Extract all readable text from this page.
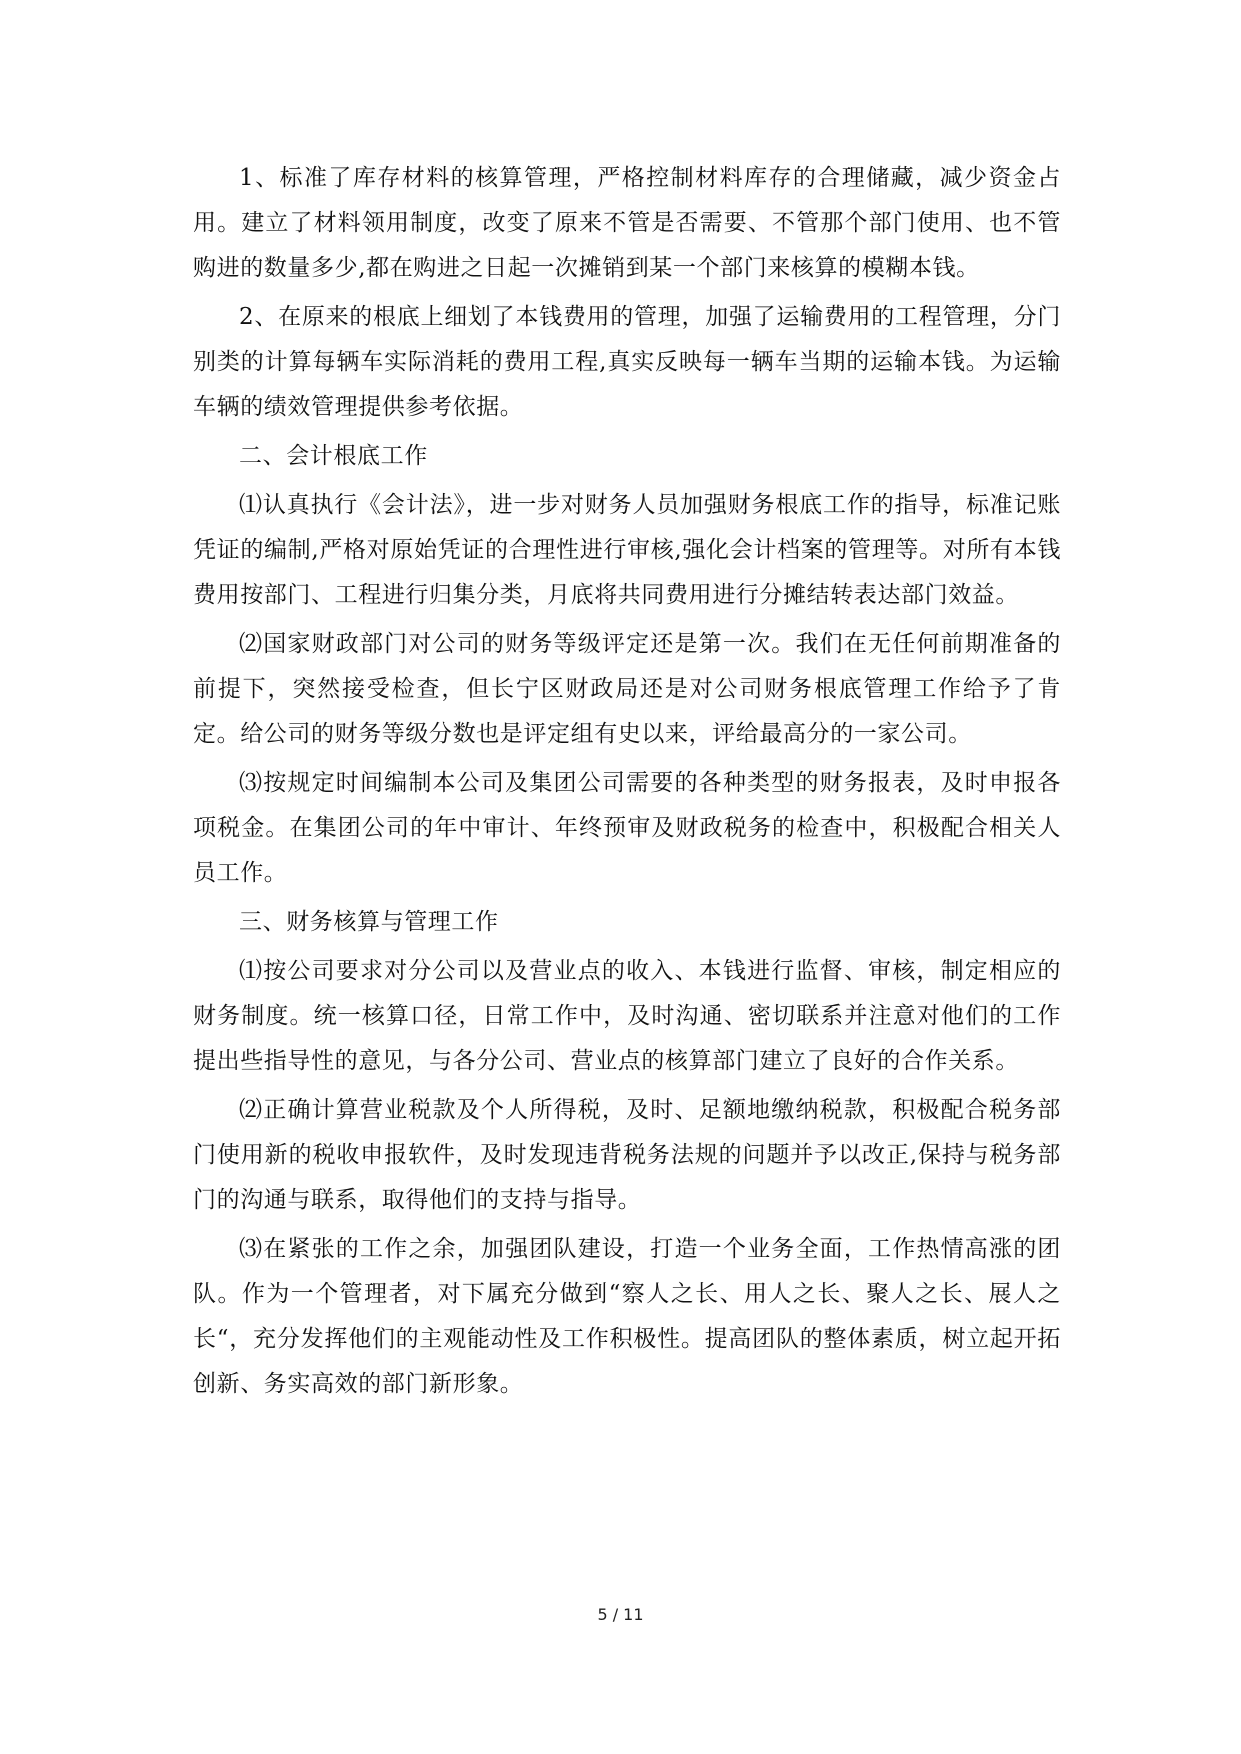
1、标准了库存材料的核算管理，严格控制材料库存的合理储藏，减少资金占用。建立了材料领用制度，改变了原来不管是否需要、不管那个部门使用、也不管购进的数量多少,都在购进之日起一次摊销到某一个部门来核算的模糊本钱。

2、在原来的根底上细划了本钱费用的管理，加强了运输费用的工程管理，分门别类的计算每辆车实际消耗的费用工程,真实反映每一辆车当期的运输本钱。为运输车辆的绩效管理提供参考依据。

二、会计根底工作

⑴认真执行《会计法》，进一步对财务人员加强财务根底工作的指导，标准记账凭证的编制,严格对原始凭证的合理性进行审核,强化会计档案的管理等。对所有本钱费用按部门、工程进行归集分类，月底将共同费用进行分摊结转表达部门效益。

⑵国家财政部门对公司的财务等级评定还是第一次。我们在无任何前期准备的前提下，突然接受检查，但长宁区财政局还是对公司财务根底管理工作给予了肯定。给公司的财务等级分数也是评定组有史以来，评给最高分的一家公司。

⑶按规定时间编制本公司及集团公司需要的各种类型的财务报表，及时申报各项税金。在集团公司的年中审计、年终预审及财政税务的检查中，积极配合相关人员工作。

三、财务核算与管理工作

⑴按公司要求对分公司以及营业点的收入、本钱进行监督、审核，制定相应的财务制度。统一核算口径，日常工作中，及时沟通、密切联系并注意对他们的工作提出些指导性的意见，与各分公司、营业点的核算部门建立了良好的合作关系。

⑵正确计算营业税款及个人所得税，及时、足额地缴纳税款，积极配合税务部门使用新的税收申报软件，及时发现违背税务法规的问题并予以改正,保持与税务部门的沟通与联系，取得他们的支持与指导。

⑶在紧张的工作之余，加强团队建设，打造一个业务全面，工作热情高涨的团队。作为一个管理者，对下属充分做到“察人之长、用人之长、聚人之长、展人之长“，充分发挥他们的主观能动性及工作积极性。提高团队的整体素质，树立起开拓创新、务实高效的部门新形象。

5 / 11
